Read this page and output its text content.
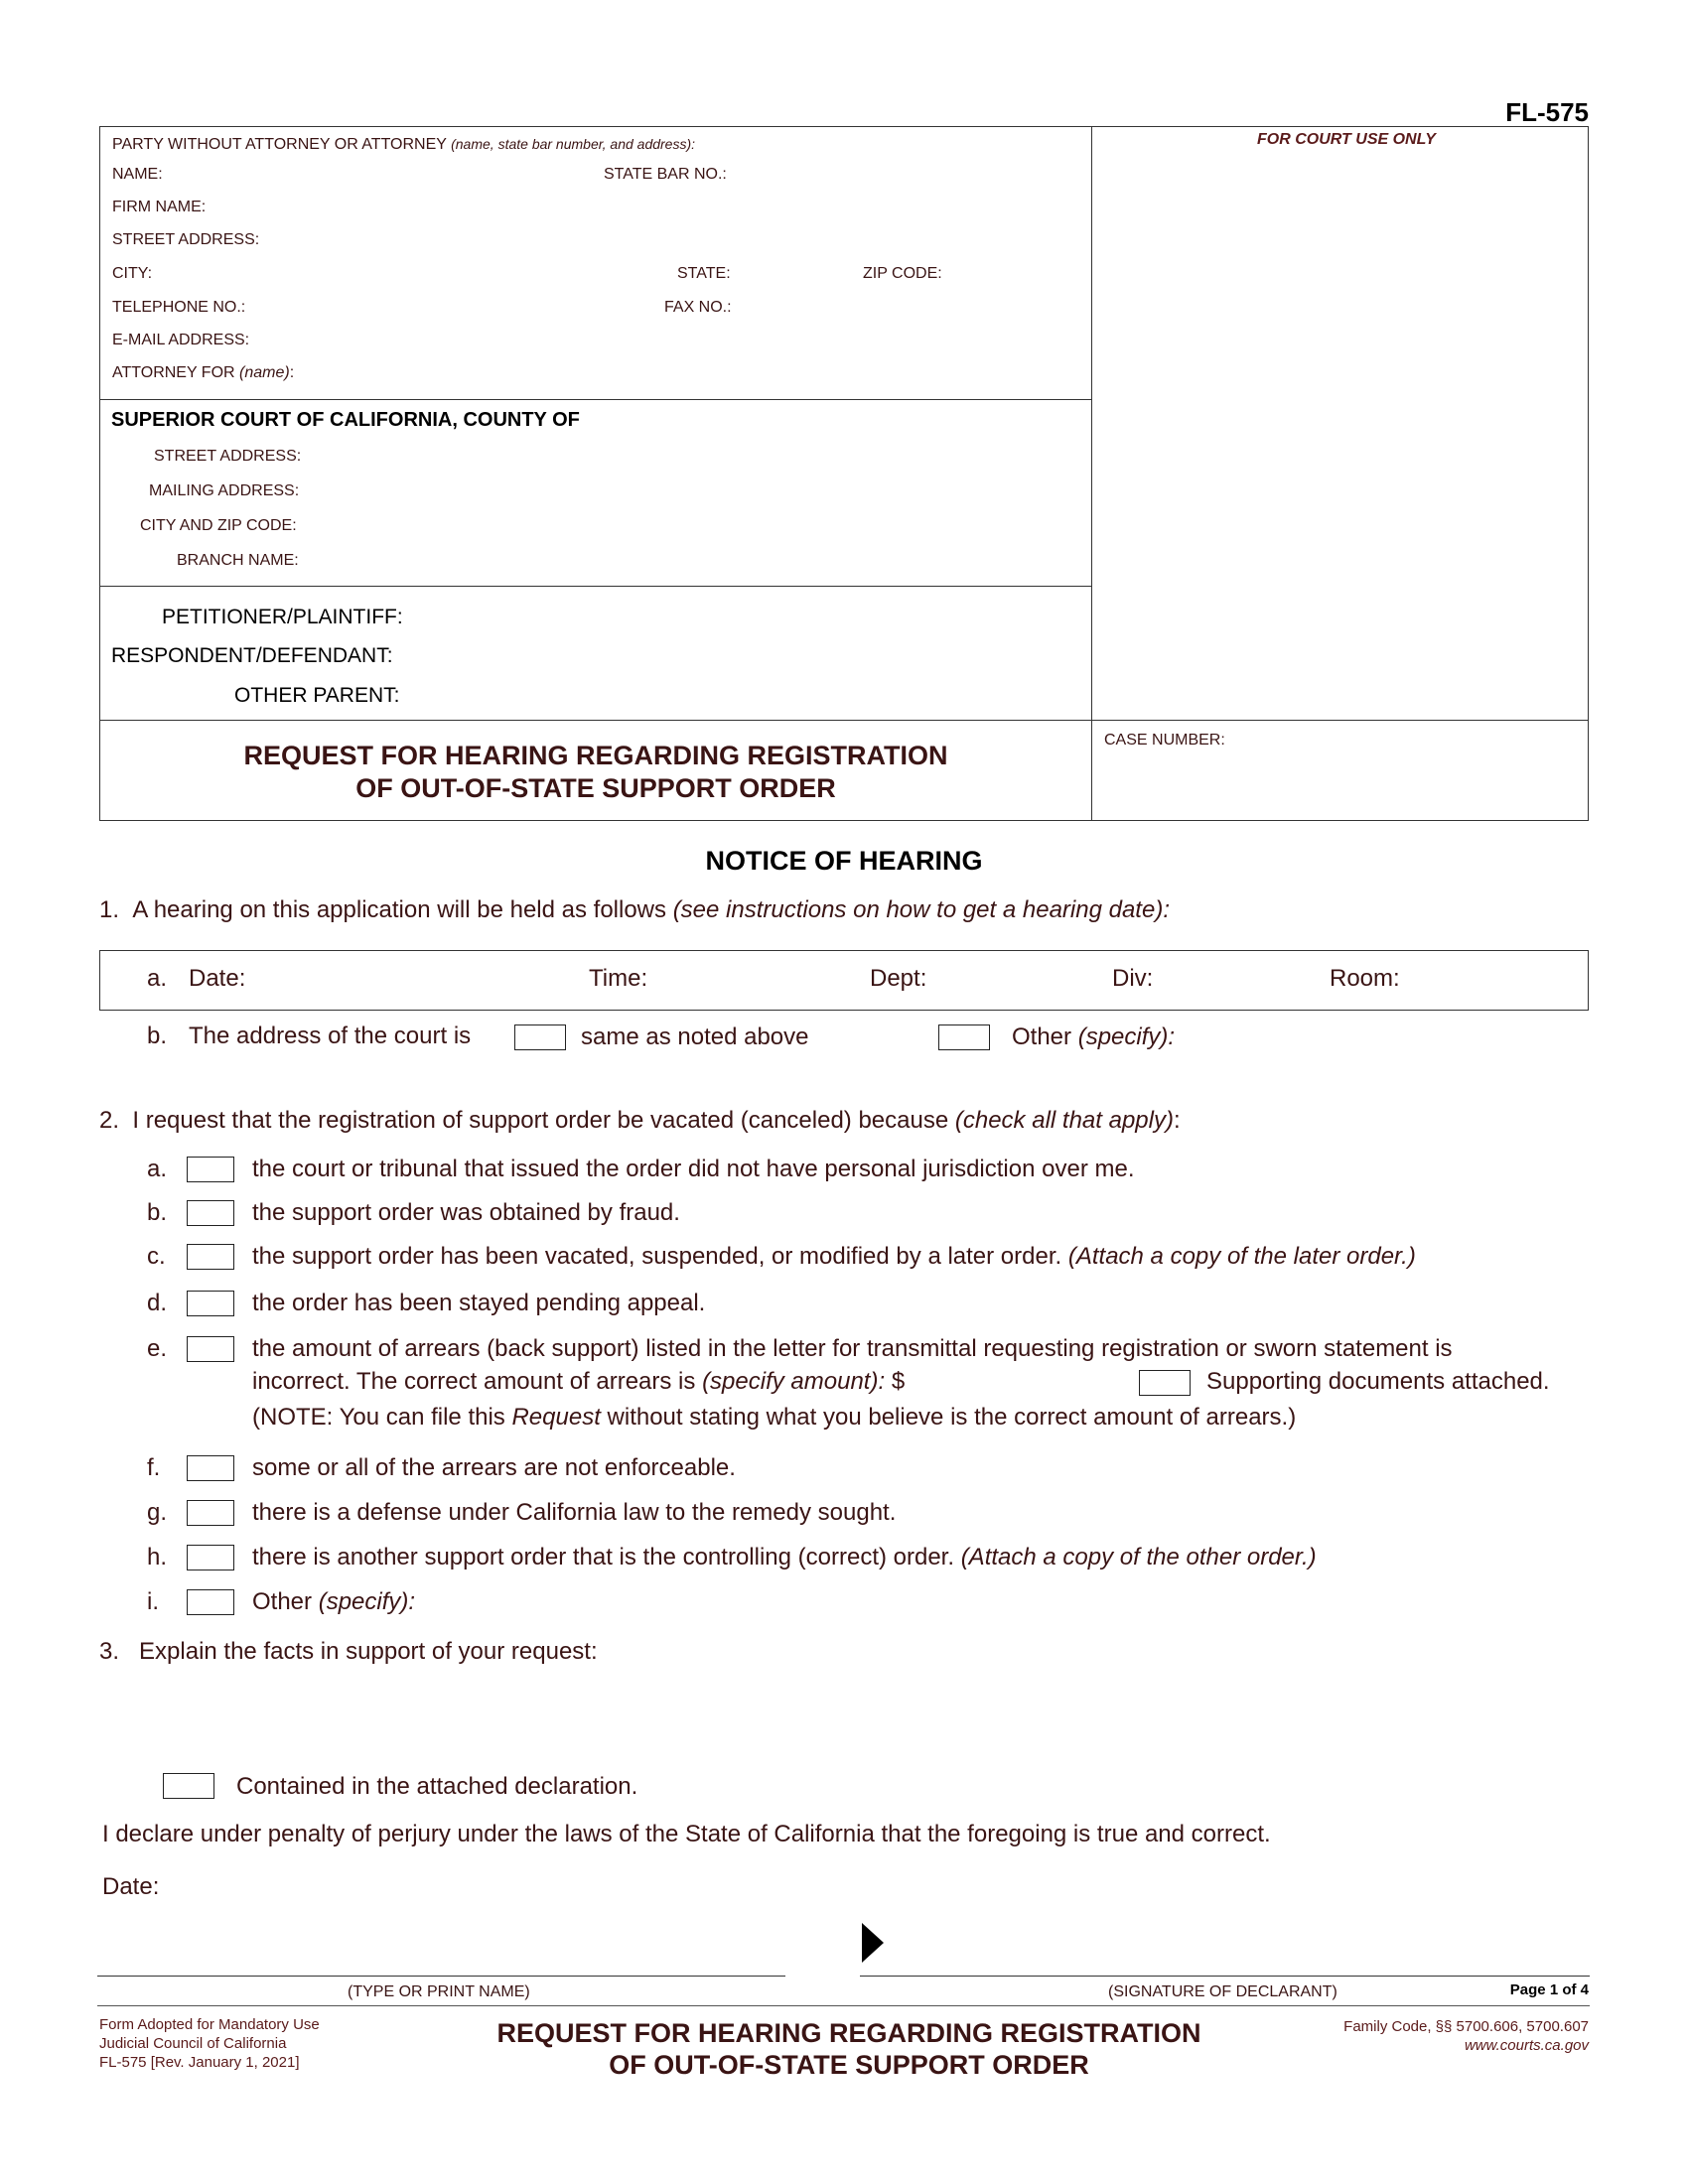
FL-575
FOR COURT USE ONLY
PARTY WITHOUT ATTORNEY OR ATTORNEY (name, state bar number, and address):
NAME:	STATE BAR NO.:
FIRM NAME:
STREET ADDRESS:
CITY:	STATE:	ZIP CODE:
TELEPHONE NO.:	FAX NO.:
E-MAIL ADDRESS:
ATTORNEY FOR (name):
SUPERIOR COURT OF CALIFORNIA, COUNTY OF
STREET ADDRESS:
MAILING ADDRESS:
CITY AND ZIP CODE:
BRANCH NAME:
PETITIONER/PLAINTIFF:
RESPONDENT/DEFENDANT:
OTHER PARENT:
REQUEST FOR HEARING REGARDING REGISTRATION
OF OUT-OF-STATE SUPPORT ORDER
CASE NUMBER:
NOTICE OF HEARING
1. A hearing on this application will be held as follows (see instructions on how to get a hearing date):
a. Date:	Time:	Dept:	Div:	Room:
b. The address of the court is	same as noted above	Other (specify):
2. I request that the registration of support order be vacated (canceled) because (check all that apply):
a.	the court or tribunal that issued the order did not have personal jurisdiction over me.
b.	the support order was obtained by fraud.
c.	the support order has been vacated, suspended, or modified by a later order. (Attach a copy of the later order.)
d.	the order has been stayed pending appeal.
e.	the amount of arrears (back support) listed in the letter for transmittal requesting registration or sworn statement is
incorrect. The correct amount of arrears is (specify amount): $	Supporting documents attached.
(NOTE: You can file this Request without stating what you believe is the correct amount of arrears.)
f.	some or all of the arrears are not enforceable.
g.	there is a defense under California law to the remedy sought.
h.	there is another support order that is the controlling (correct) order. (Attach a copy of the other order.)
i.	Other (specify):
3. Explain the facts in support of your request:
Contained in the attached declaration.
I declare under penalty of perjury under the laws of the State of California that the foregoing is true and correct.
Date:
(TYPE OR PRINT NAME)	(SIGNATURE OF DECLARANT)	Page 1 of 4
Form Adopted for Mandatory Use
Judicial Council of California
FL-575 [Rev. January 1, 2021]
REQUEST FOR HEARING REGARDING REGISTRATION
OF OUT-OF-STATE SUPPORT ORDER
Family Code, §§ 5700.606, 5700.607
www.courts.ca.gov
